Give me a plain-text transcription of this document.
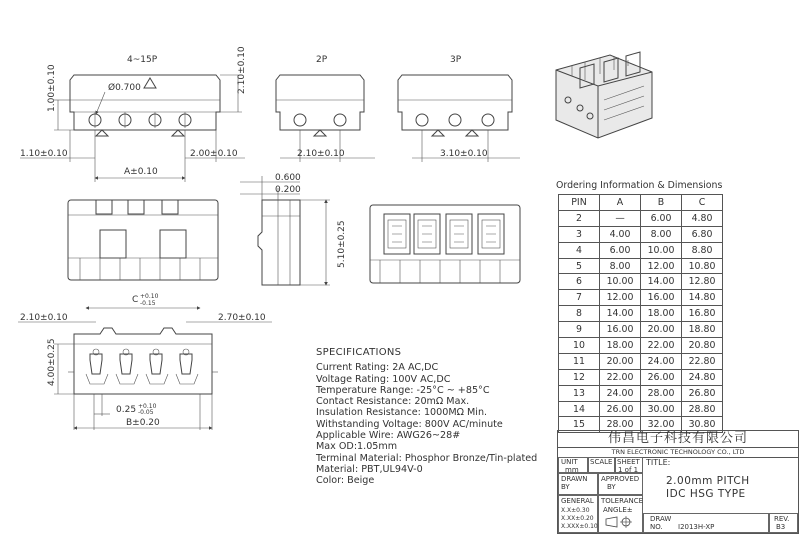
4~15P
Ø0.700
1.00±0.10	2.10±0.10
1.10±0.10	2.00±0.10
A±0.10
2P
2.10±0.10
3P
3.10±0.10
0.600
0.200
5.10±0.25
C +0.10
-0.15
2.10±0.10	2.70±0.10
4.00±0.25
0.25 +0.10
-0.05
B±0.20
SPECIFICATIONS
Current Rating: 2A AC,DC
Voltage Rating: 100V AC,DC
Temperature Range: -25°C ~ +85°C
Contact Resistance: 20mΩ Max.
Insulation Resistance: 1000MΩ Min.
Withstanding Voltage: 800V AC/minute
Applicable Wire: AWG26~28#
Max OD:1.05mm
Terminal Material: Phosphor Bronze/Tin-plated
Material: PBT,UL94V-0
Color: Beige
Ordering Information & Dimensions
PIN	A	B	C
2	—	6.00	4.80
3	4.00	8.00	6.80
4	6.00	10.00	8.80
5	8.00	12.00	10.80
6	10.00	14.00	12.80
7	12.00	16.00	14.80
8	14.00	18.00	16.80
9	16.00	20.00	18.80
10	18.00	22.00	20.80
11	20.00	24.00	22.80
12	22.00	26.00	24.80
13	24.00	28.00	26.80
14	26.00	30.00	28.80
15	28.00	32.00	30.80
伟昌电子科技有限公司
TRN ELECTRONIC TECHNOLOGY CO., LTD
UNIT
mm
SCALE SHEET
1 of 1
TITLE:
2.00mm PITCH
IDC HSG TYPE
DRAWN BY
APPROVED
BY
GENERAL
X.X±0.30
X.XX±0.20
X.XXX±0.10
TOLERANCE
ANGLE±
DRAW
NO. I2013H-XP
REV.
B3
